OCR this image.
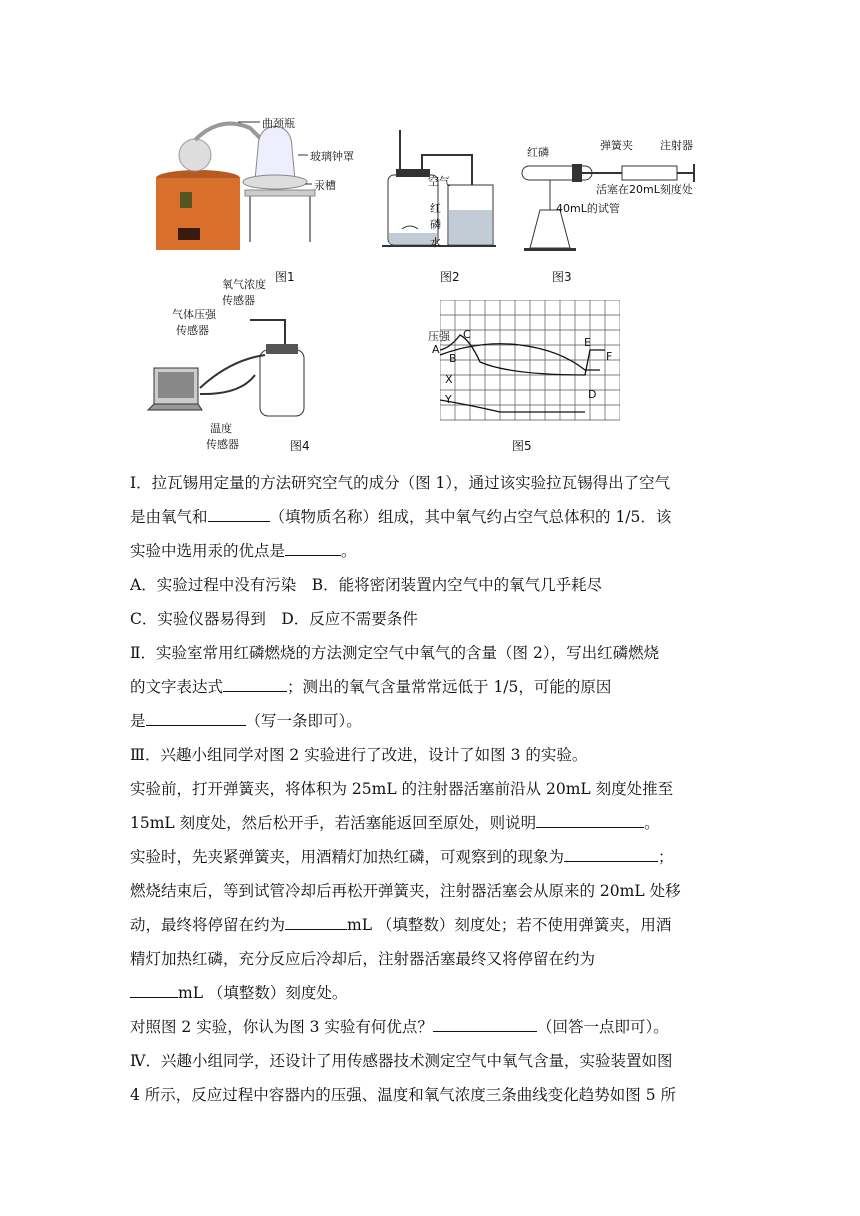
曲颈瓶
玻璃钟罩
汞槽
图1
空气
红
磷
水
图2
红磷
弹簧夹 注射器
活塞在20mL刻度处
40mL的试管
图3
氧气浓度
传感器
气体压强
传感器
温度
传感器	图4
压强
A
B
C
X
Y	D
E
F
图5
I．拉瓦锡用定量的方法研究空气的成分（图 1），通过该实验拉瓦锡得出了空气
是由氧气和	（填物质名称）组成，其中氧气约占空气总体积的 1/5．该
实验中选用汞的优点是	。
A．实验过程中没有污染　B．能将密闭装置内空气中的氧气几乎耗尽
C．实验仪器易得到　D．反应不需要条件
Ⅱ．实验室常用红磷燃烧的方法测定空气中氧气的含量（图 2），写出红磷燃烧
的文字表达式	；测出的氧气含量常常远低于 1/5，可能的原因
是	（写一条即可）。
Ⅲ．兴趣小组同学对图 2 实验进行了改进，设计了如图 3 的实验。
实验前，打开弹簧夹，将体积为 25mL 的注射器活塞前沿从 20mL 刻度处推至
15mL 刻度处，然后松开手，若活塞能返回至原处，则说明	。
实验时，先夹紧弹簧夹，用酒精灯加热红磷，可观察到的现象为	；
燃烧结束后，等到试管冷却后再松开弹簧夹，注射器活塞会从原来的 20mL 处移
动，最终将停留在约为	mL （填整数）刻度处；若不使用弹簧夹，用酒
精灯加热红磷，充分反应后冷却后，注射器活塞最终又将停留在约为
mL （填整数）刻度处。
对照图 2 实验，你认为图 3 实验有何优点？	（回答一点即可）。
Ⅳ．兴趣小组同学，还设计了用传感器技术测定空气中氧气含量，实验装置如图
4 所示，反应过程中容器内的压强、温度和氧气浓度三条曲线变化趋势如图 5 所
